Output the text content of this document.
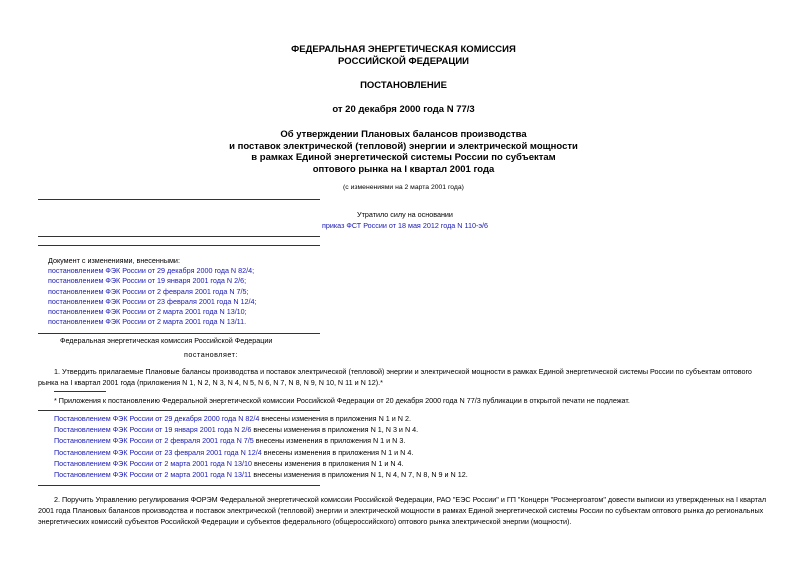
ФЕДЕРАЛЬНАЯ ЭНЕРГЕТИЧЕСКАЯ КОМИССИЯ
РОССИЙСКОЙ ФЕДЕРАЦИИ
ПОСТАНОВЛЕНИЕ
от 20 декабря 2000 года N 77/3
Об утверждении Плановых балансов производства
и поставок электрической (тепловой) энергии и электрической мощности
в рамках Единой энергетической системы России по субъектам
оптового рынка на I квартал 2001 года
(с изменениями на 2 марта 2001 года)
Утратило силу на основании
приказ ФСТ России от 18 мая 2012 года N 110-э/6
Документ с изменениями, внесенными:
постановлением ФЭК России от 29 декабря 2000 года N 82/4;
постановлением ФЭК России от 19 января 2001 года N 2/6;
постановлением ФЭК России от 2 февраля 2001 года N 7/5;
постановлением ФЭК России от 23 февраля 2001 года N 12/4;
постановлением ФЭК России от 2 марта 2001 года N 13/10;
постановлением ФЭК России от 2 марта 2001 года N 13/11.
Федеральная энергетическая комиссия Российской Федерации
постановляет:
1. Утвердить прилагаемые Плановые балансы производства и поставок электрической (тепловой) энергии и электрической мощности в рамках Единой энергетической системы России по субъектам оптового рынка на I квартал 2001 года (приложения N 1, N 2, N 3, N 4, N 5, N 6, N 7, N 8, N 9, N 10, N 11 и N 12).*
* Приложения к постановлению Федеральной энергетической комиссии Российской Федерации от 20 декабря 2000 года N 77/3 публикации в открытой печати не подлежат.
Постановлением ФЭК России от 29 декабря 2000 года N 82/4 внесены изменения в приложения N 1 и N 2.
Постановлением ФЭК России от 19 января 2001 года N 2/6 внесены изменения в приложения N 1, N 3 и N 4.
Постановлением ФЭК России от 2 февраля 2001 года N 7/5 внесены изменения в приложения N 1 и N 3.
Постановлением ФЭК России от 23 февраля 2001 года N 12/4 внесены изменения в приложения N 1 и N 4.
Постановлением ФЭК России от 2 марта 2001 года N 13/10 внесены изменения в приложения N 1 и N 4.
Постановлением ФЭК России от 2 марта 2001 года N 13/11 внесены изменения в приложения N 1, N 4, N 7, N 8, N 9 и N 12.
2. Поручить Управлению регулирования ФОРЭМ Федеральной энергетической комиссии Российской Федерации, РАО "ЕЭС России" и ГП "Концерн "Росэнергоатом" довести выписки из утвержденных на I квартал 2001 года Плановых балансов производства и поставок электрической (тепловой) энергии и электрической мощности в рамках Единой энергетической системы России по субъектам оптового рынка до региональных энергетических комиссий субъектов Российской Федерации и субъектов федерального (общероссийского) оптового рынка электрической энергии (мощности).
